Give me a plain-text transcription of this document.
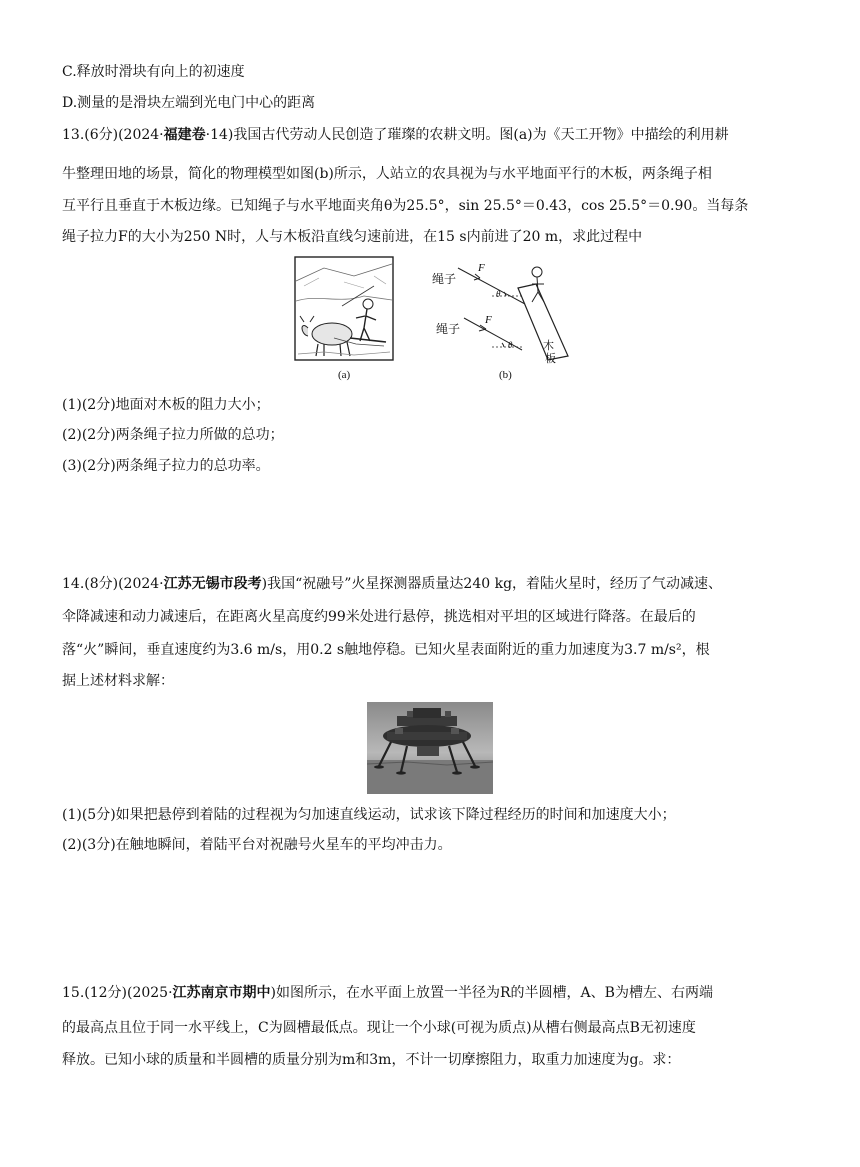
C.释放时滑块有向上的初速度
D.测量的是滑块左端到光电门中心的距离
13.(6分)(2024·福建卷·14)我国古代劳动人民创造了璀璨的农耕文明。图(a)为《天工开物》中描绘的利用耕
牛整理田地的场景，简化的物理模型如图(b)所示，人站立的农具视为与水平地面平行的木板，两条绳子相
互平行且垂直于木板边缘。已知绳子与水平地面夹角θ为25.5°，sin 25.5°＝0.43，cos 25.5°＝0.90。当每条
绳子拉力F的大小为250 N时，人与木板沿直线匀速前进，在15 s内前进了20 m，求此过程中
(a)
绳子
绳子
F
F
θ
θ	木
板
(b)
(1)(2分)地面对木板的阻力大小；
(2)(2分)两条绳子拉力所做的总功；
(3)(2分)两条绳子拉力的总功率。
14.(8分)(2024·江苏无锡市段考)我国“祝融号”火星探测器质量达240 kg，着陆火星时，经历了气动减速、
伞降减速和动力减速后，在距离火星高度约99米处进行悬停，挑选相对平坦的区域进行降落。在最后的
落“火”瞬间，垂直速度约为3.6 m/s，用0.2 s触地停稳。已知火星表面附近的重力加速度为3.7 m/s²，根
据上述材料求解：
(1)(5分)如果把悬停到着陆的过程视为匀加速直线运动，试求该下降过程经历的时间和加速度大小；
(2)(3分)在触地瞬间，着陆平台对祝融号火星车的平均冲击力。
15.(12分)(2025·江苏南京市期中)如图所示，在水平面上放置一半径为R的半圆槽，A、B为槽左、右两端
的最高点且位于同一水平线上，C为圆槽最低点。现让一个小球(可视为质点)从槽右侧最高点B无初速度
释放。已知小球的质量和半圆槽的质量分别为m和3m，不计一切摩擦阻力，取重力加速度为g。求：
